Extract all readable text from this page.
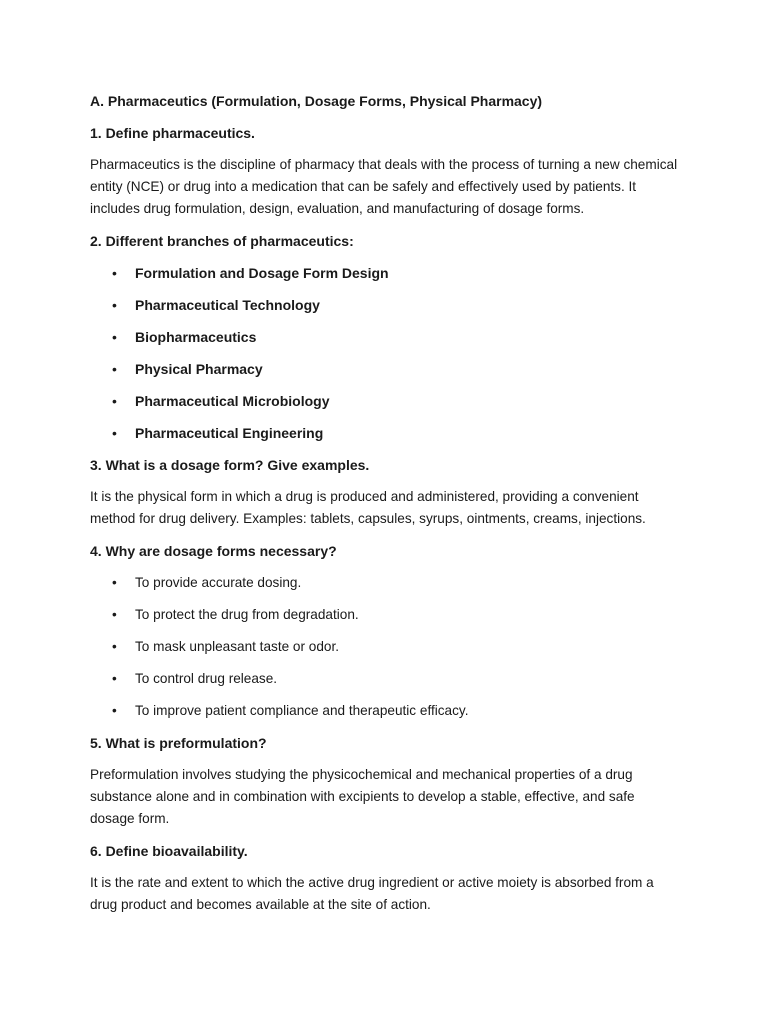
A. Pharmaceutics (Formulation, Dosage Forms, Physical Pharmacy)
1. Define pharmaceutics.
Pharmaceutics is the discipline of pharmacy that deals with the process of turning a new chemical entity (NCE) or drug into a medication that can be safely and effectively used by patients. It includes drug formulation, design, evaluation, and manufacturing of dosage forms.
2. Different branches of pharmaceutics:
• Formulation and Dosage Form Design
• Pharmaceutical Technology
• Biopharmaceutics
• Physical Pharmacy
• Pharmaceutical Microbiology
• Pharmaceutical Engineering
3. What is a dosage form? Give examples.
It is the physical form in which a drug is produced and administered, providing a convenient method for drug delivery. Examples: tablets, capsules, syrups, ointments, creams, injections.
4. Why are dosage forms necessary?
• To provide accurate dosing.
• To protect the drug from degradation.
• To mask unpleasant taste or odor.
• To control drug release.
• To improve patient compliance and therapeutic efficacy.
5. What is preformulation?
Preformulation involves studying the physicochemical and mechanical properties of a drug substance alone and in combination with excipients to develop a stable, effective, and safe dosage form.
6. Define bioavailability.
It is the rate and extent to which the active drug ingredient or active moiety is absorbed from a drug product and becomes available at the site of action.
